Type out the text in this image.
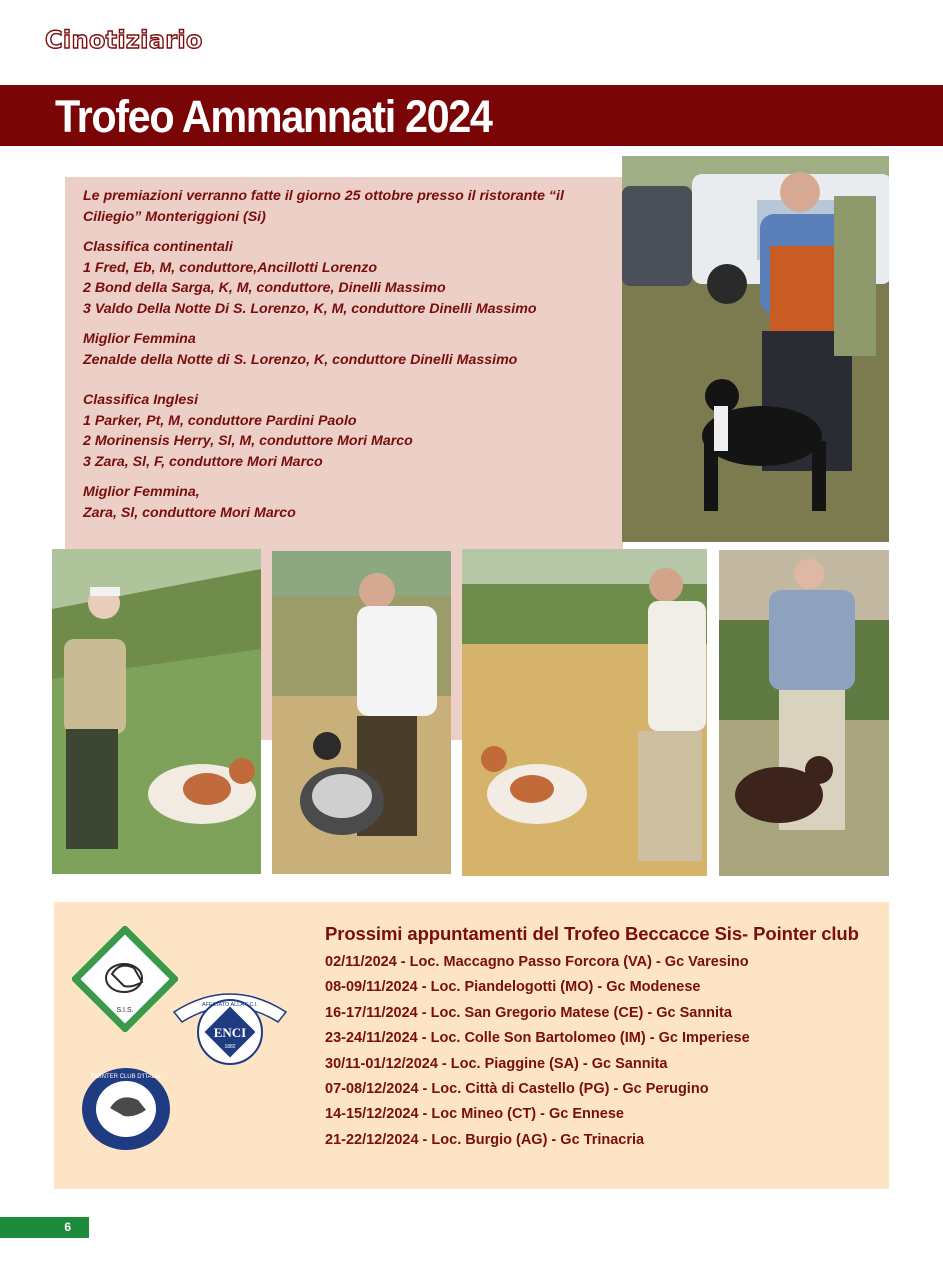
Cinotiziario
Trofeo Ammannati 2024
Le premiazioni verranno fatte il giorno 25 ottobre presso il ristorante “il Ciliegio” Monteriggioni (Si)
Classifica continentali
1 Fred, Eb, M, conduttore,Ancillotti Lorenzo
2 Bond della Sarga, K, M, conduttore, Dinelli Massimo
3 Valdo Della Notte Di S. Lorenzo, K, M, conduttore Dinelli Massimo
Miglior Femmina
Zenalde della Notte di S. Lorenzo, K, conduttore Dinelli Massimo
Classifica Inglesi
1 Parker, Pt, M, conduttore Pardini Paolo
2 Morinensis Herry, Sl, M, conduttore Mori Marco
3 Zara, Sl, F, conduttore Mori Marco
Miglior Femmina,
Zara, Sl, conduttore Mori Marco
S.I.S.
ENCI
1882
AFFILIATO ALLA F.C.I.
POINTER CLUB D'ITALIA
Prossimi appuntamenti del Trofeo Beccacce Sis- Pointer club
02/11/2024 - Loc. Maccagno Passo Forcora (VA) - Gc Varesino
08-09/11/2024 - Loc. Piandelogotti (MO) - Gc Modenese
16-17/11/2024 - Loc. San Gregorio Matese (CE) - Gc Sannita
23-24/11/2024 - Loc. Colle Son Bartolomeo (IM) - Gc Imperiese
30/11-01/12/2024 - Loc. Piaggine (SA) - Gc Sannita
07-08/12/2024 - Loc. Città di Castello (PG) - Gc Perugino
14-15/12/2024 - Loc Mineo (CT) - Gc Ennese
21-22/12/2024 - Loc. Burgio (AG) - Gc Trinacria
6
